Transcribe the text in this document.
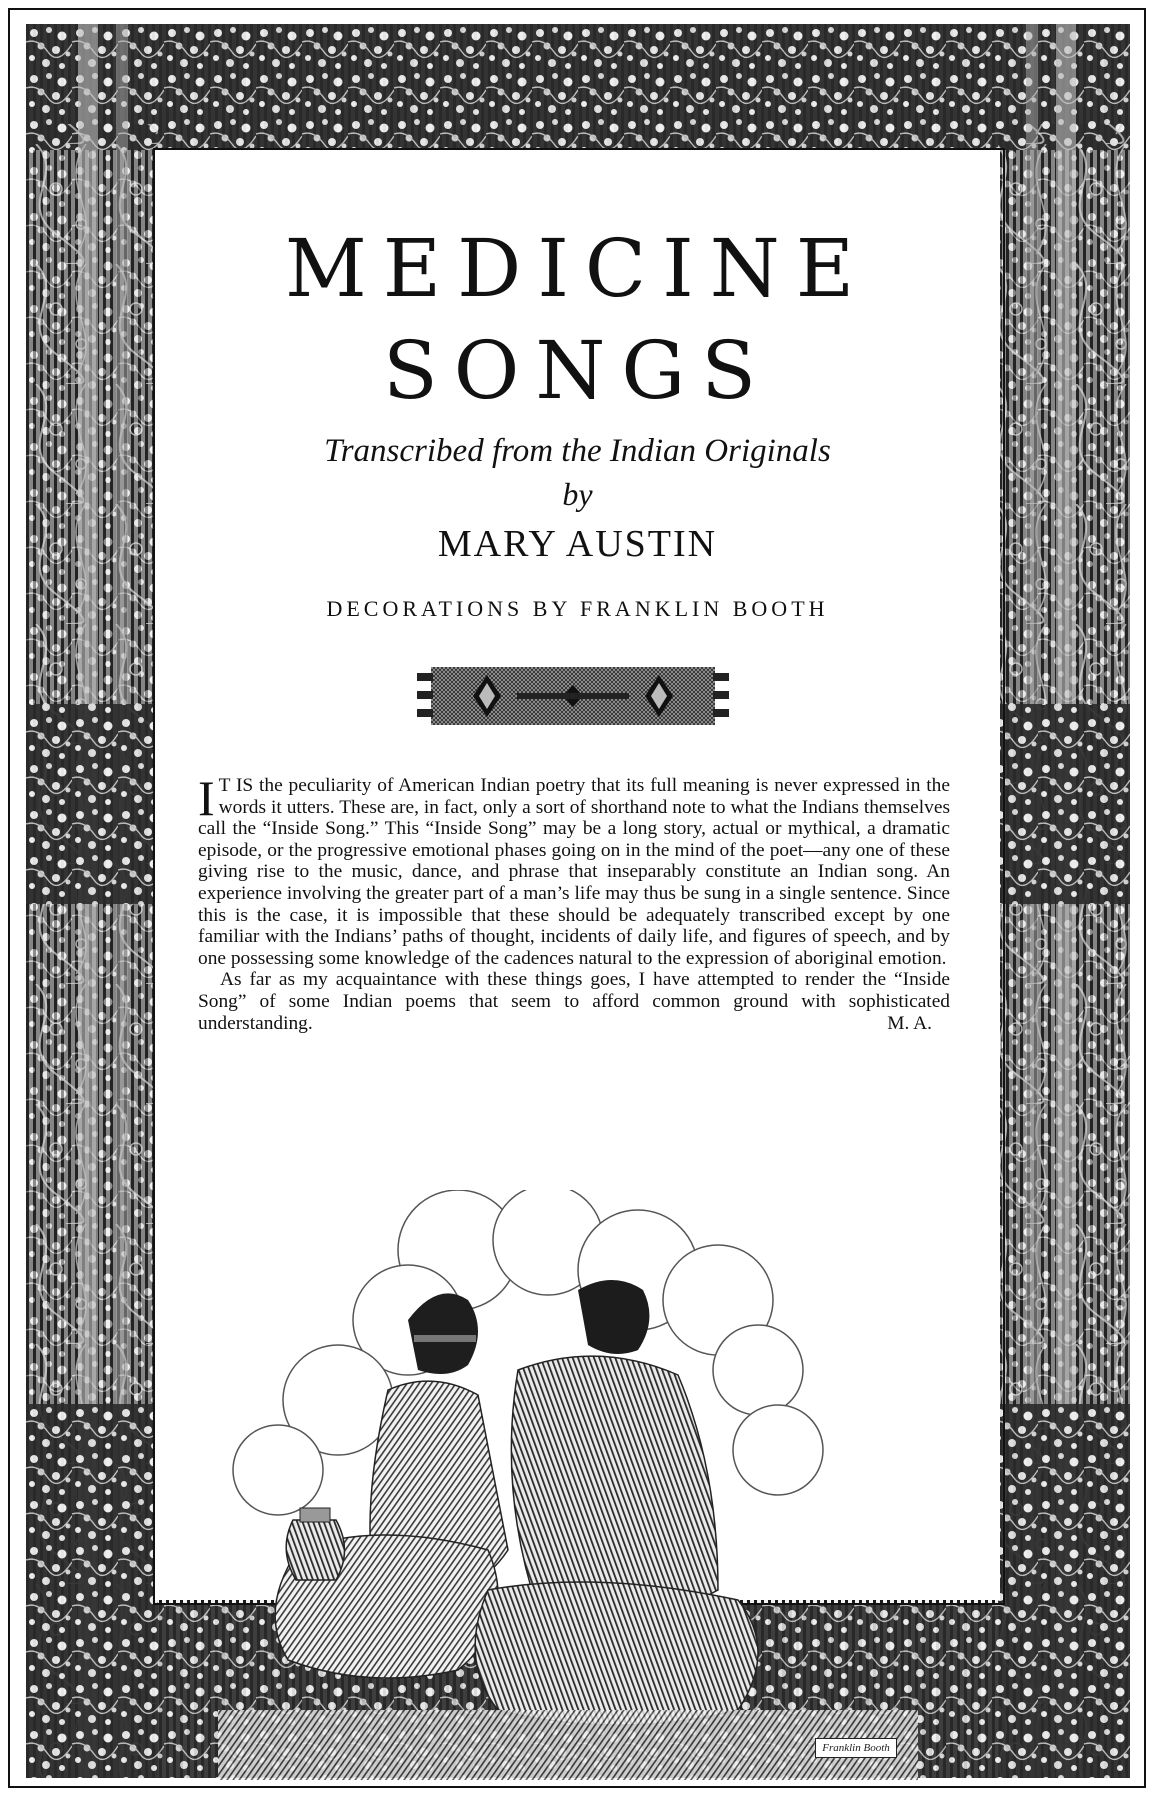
MEDICINE
SONGS
Transcribed from the Indian Originals
by
MARY AUSTIN
DECORATIONS BY FRANKLIN BOOTH

I T IS the peculiarity of American Indian poetry that its full meaning is never expressed in the words it utters. These are, in fact, only a sort of shorthand note to what the Indians themselves call the “Inside Song.” This “Inside Song” may be a long story, actual or mythical, a dramatic episode, or the progressive emotional phases going on in the mind of the poet—any one of these giving rise to the music, dance, and phrase that inseparably constitute an Indian song. An experience involving the greater part of a man’s life may thus be sung in a single sentence. Since this is the case, it is impossible that these should be adequately transcribed except by one familiar with the Indians’ paths of thought, incidents of daily life, and figures of speech, and by one possessing some knowledge of the cadences natural to the expression of aboriginal emotion.

As far as my acquaintance with these things goes, I have attempted to render the “Inside Song” of some Indian poems that seem to afford common ground with sophisticated understanding.	M. A.

Franklin Booth
